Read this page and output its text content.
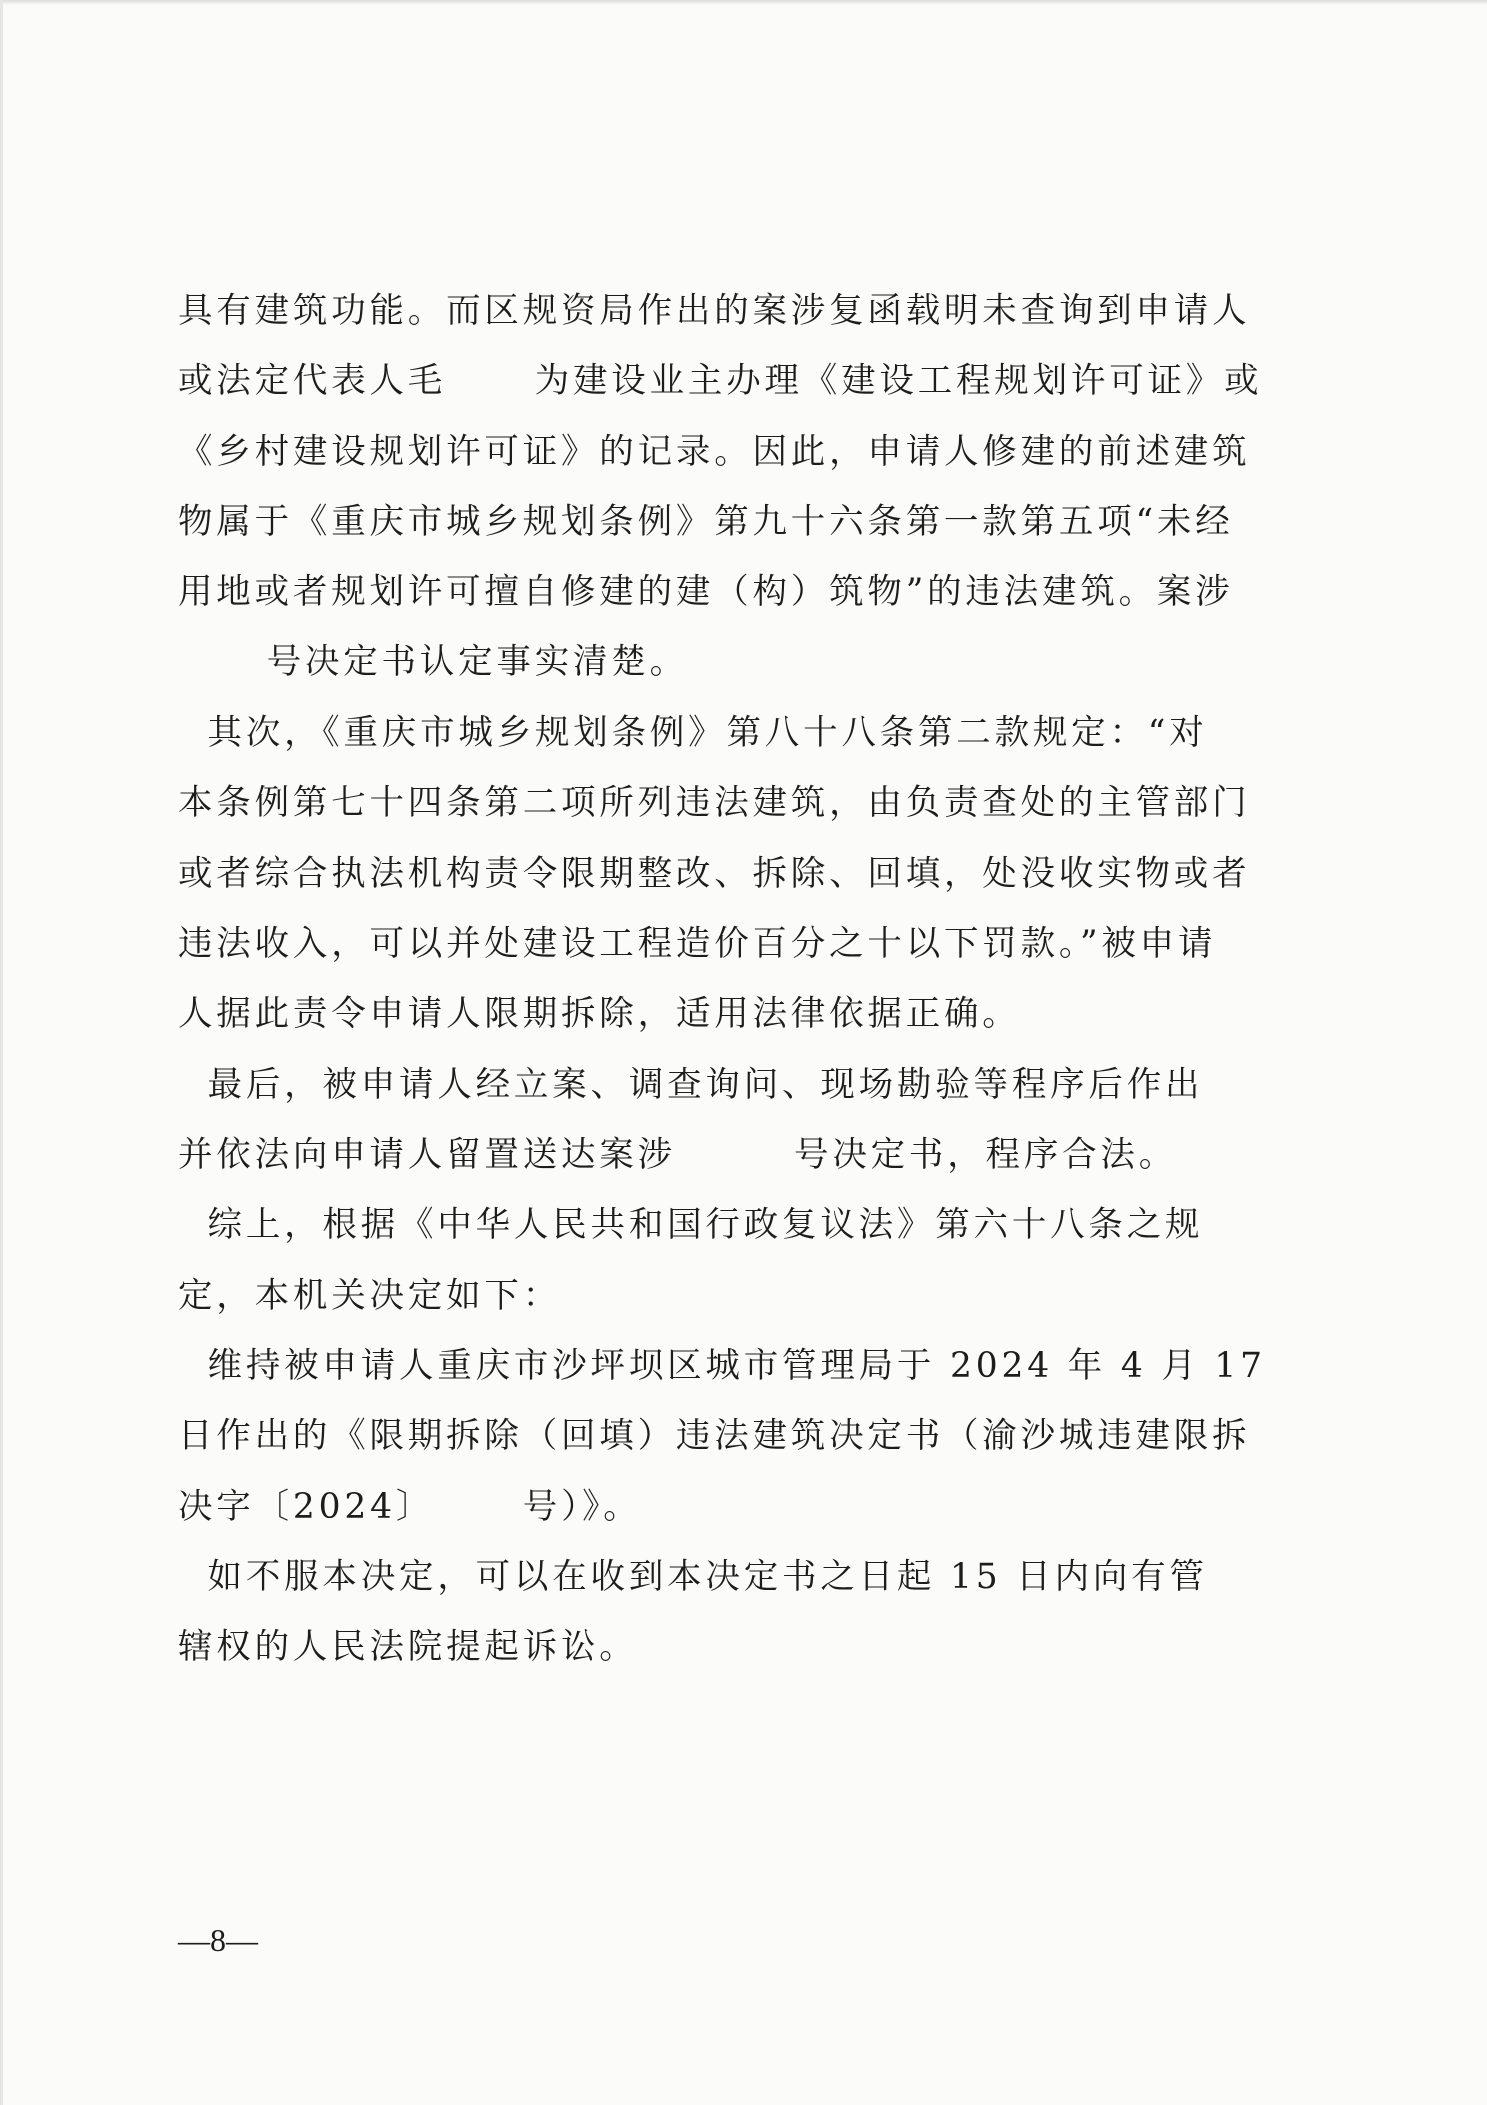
具有建筑功能。而区规资局作出的案涉复函载明未查询到申请人
或法定代表人毛      为建设业主办理《建设工程规划许可证》或
《乡村建设规划许可证》的记录。因此，申请人修建的前述建筑
物属于《重庆市城乡规划条例》第九十六条第一款第五项“未经
用地或者规划许可擅自修建的建（构）筑物”的违法建筑。案涉
号决定书认定事实清楚。
其次，《重庆市城乡规划条例》第八十八条第二款规定：“对
本条例第七十四条第二项所列违法建筑，由负责查处的主管部门
或者综合执法机构责令限期整改、拆除、回填，处没收实物或者
违法收入，可以并处建设工程造价百分之十以下罚款。”被申请
人据此责令申请人限期拆除，适用法律依据正确。
最后，被申请人经立案、调查询问、现场勘验等程序后作出
并依法向申请人留置送达案涉        号决定书，程序合法。
综上，根据《中华人民共和国行政复议法》第六十八条之规
定，本机关决定如下：
维持被申请人重庆市沙坪坝区城市管理局于 2024 年 4 月 17
日作出的《限期拆除（回填）违法建筑决定书（渝沙城违建限拆
决字〔2024〕      号）》。
如不服本决定，可以在收到本决定书之日起 15 日内向有管
辖权的人民法院提起诉讼。
—8—
